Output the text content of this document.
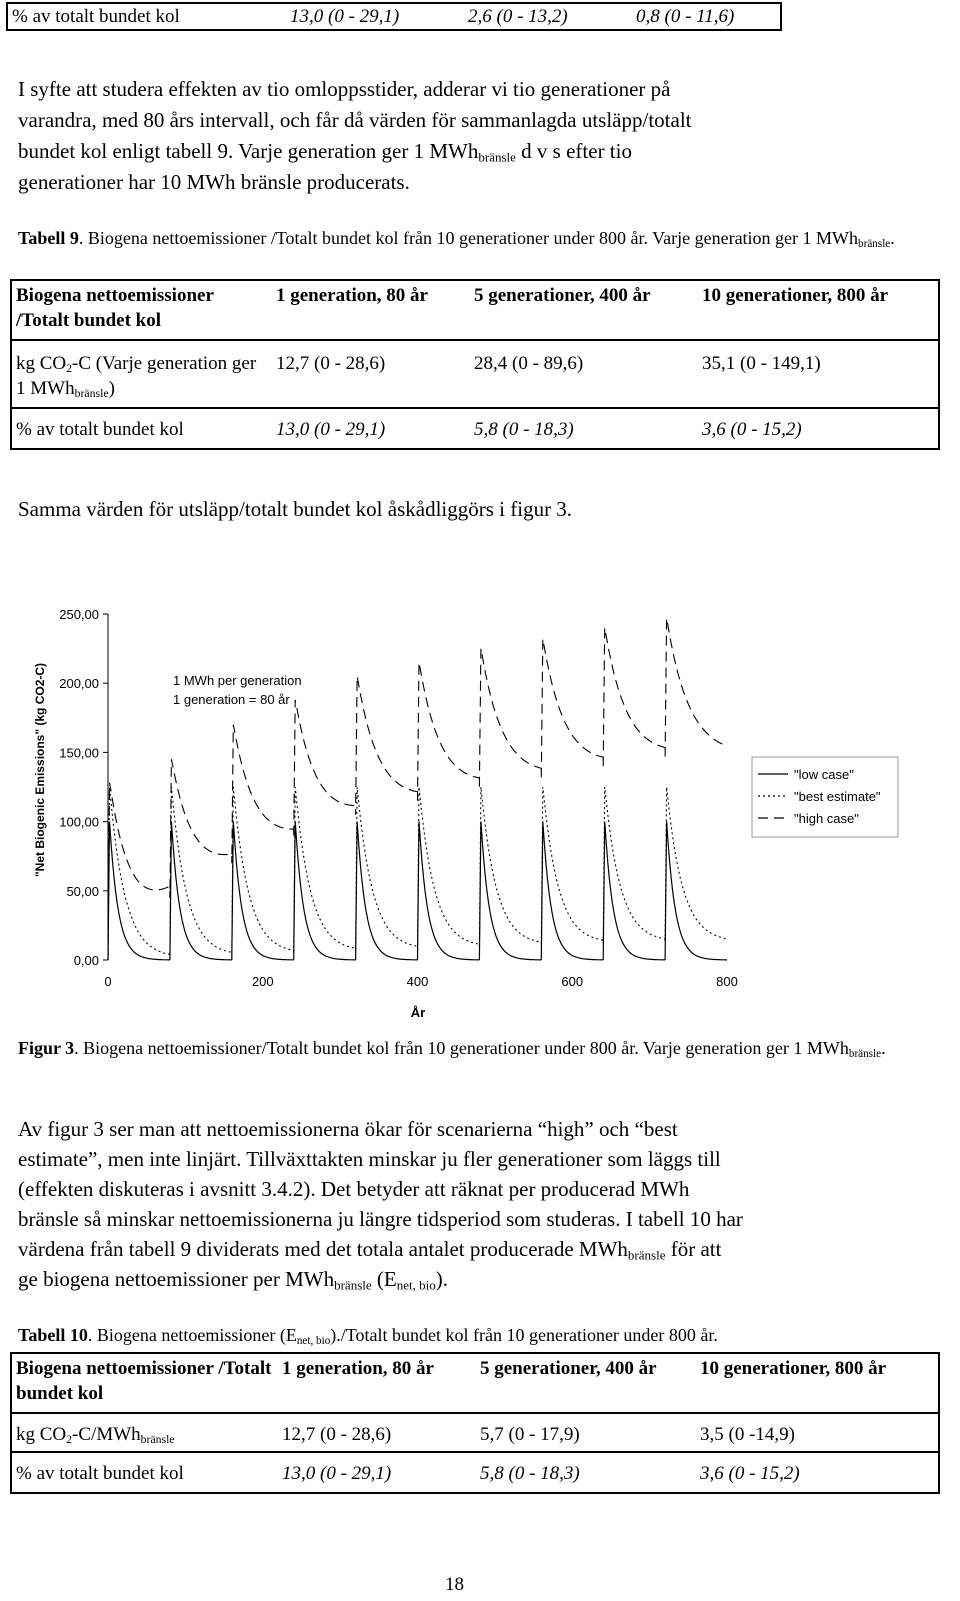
% av totalt bundet kol	13,0 (0 - 29,1)	2,6 (0 - 13,2)	0,8 (0 - 11,6)

I syfte att studera effekten av tio omloppsstider, adderar vi tio generationer på
varandra, med 80 års intervall, och får då värden för sammanlagda utsläpp/totalt
bundet kol enligt tabell 9. Varje generation ger 1 MWh$_{bränsle}$ d v s efter tio
generationer har 10 MWh bränsle producerats.

Tabell 9. Biogena nettoemissioner /Totalt bundet kol från 10 generationer under 800 år. Varje generation ger 1 MWh$_{bränsle}$.

Biogena nettoemissioner /Totalt bundet kol	1 generation, 80 år	5 generationer, 400 år	10 generationer, 800 år
kg $CO_2-C$ (Varje generation ger 1 MWh$_{bränsle}$)	12,7 (0 - 28,6)	28,4 (0 - 89,6)	35,1 (0 - 149,1)
% av totalt bundet kol	13,0 (0 - 29,1)	5,8 (0 - 18,3)	3,6 (0 - 15,2)

Samma värden för utsläpp/totalt bundet kol åskådliggörs i figur 3.

0,00
50,00
100,00
150,00
200,00
250,00
0	200	400	600	800
"low case"
"best estimate"
"high case"
1 MWh per generation
1 generation = 80 år
År
"Net Biogenic Emissions" (kg CO2-C)

Figur 3. Biogena nettoemissioner/Totalt bundet kol från 10 generationer under 800 år. Varje generation ger 1 MWh$_{bränsle}$.

Av figur 3 ser man att nettoemissionerna ökar för scenarierna “high” och “best
estimate”, men inte linjärt. Tillväxttakten minskar ju fler generationer som läggs till
(effekten diskuteras i avsnitt 3.4.2). Det betyder att räknat per producerad MWh
bränsle så minskar nettoemissionerna ju längre tidsperiod som studeras. I tabell 10 har
värdena från tabell 9 dividerats med det totala antalet producerade MWh$_{bränsle}$ för att
ge biogena nettoemissioner per MWh$_{bränsle}$ $(E_{net, bio})$.

Tabell 10. Biogena nettoemissioner $(E_{net, bio})$./Totalt bundet kol från 10 generationer under 800 år.

Biogena nettoemissioner /Totalt bundet kol	1 generation, 80 år	5 generationer, 400 år	10 generationer, 800 år
kg $CO_2-C/MWh_{bränsle}$	12,7 (0 - 28,6)	5,7 (0 - 17,9)	3,5 (0 -14,9)
% av totalt bundet kol	13,0 (0 - 29,1)	5,8 (0 - 18,3)	3,6 (0 - 15,2)
18
